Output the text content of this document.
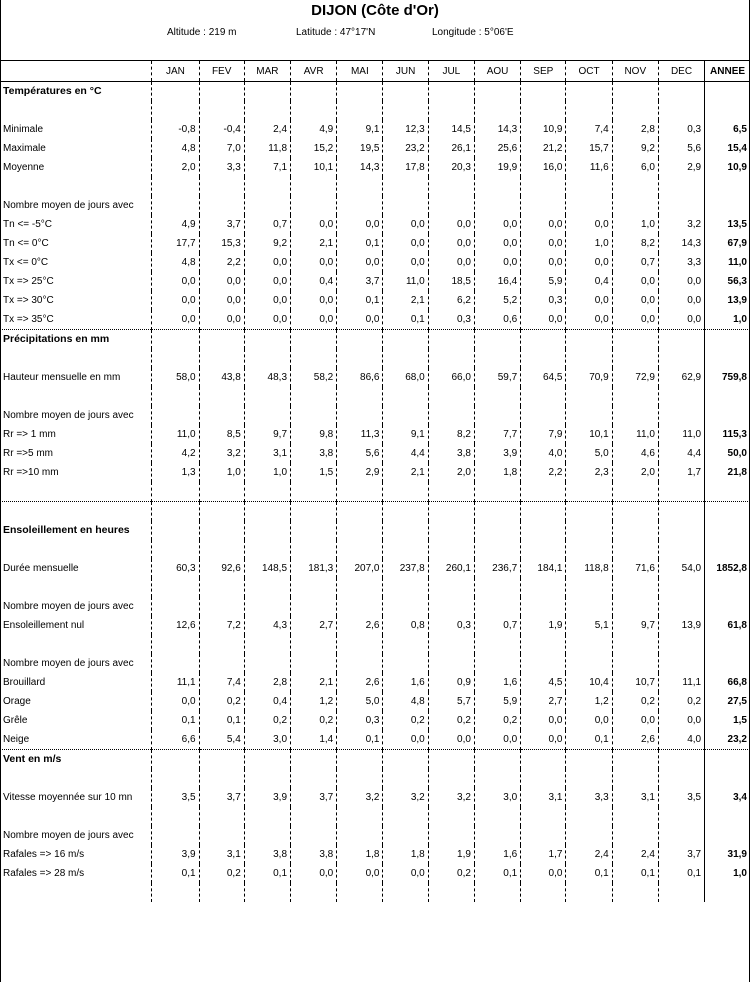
DIJON (Côte d'Or)
Altitude : 219 m	Latitude : 47°17'N	Longitude : 5°06'E
	JAN	FEV	MAR	AVR	MAI	JUN	JUL	AOU	SEP	OCT	NOV	DEC	ANNEE
Températures en °C													

Minimale	-0,8	-0,4	2,4	4,9	9,1	12,3	14,5	14,3	10,9	7,4	2,8	0,3	6,5
Maximale	4,8	7,0	11,8	15,2	19,5	23,2	26,1	25,6	21,2	15,7	9,2	5,6	15,4
Moyenne	2,0	3,3	7,1	10,1	14,3	17,8	20,3	19,9	16,0	11,6	6,0	2,9	10,9

Nombre moyen de jours avec													
Tn <= -5°C	4,9	3,7	0,7	0,0	0,0	0,0	0,0	0,0	0,0	0,0	1,0	3,2	13,5
Tn <= 0°C	17,7	15,3	9,2	2,1	0,1	0,0	0,0	0,0	0,0	1,0	8,2	14,3	67,9
Tx <= 0°C	4,8	2,2	0,0	0,0	0,0	0,0	0,0	0,0	0,0	0,0	0,7	3,3	11,0
Tx => 25°C	0,0	0,0	0,0	0,4	3,7	11,0	18,5	16,4	5,9	0,4	0,0	0,0	56,3
Tx => 30°C	0,0	0,0	0,0	0,0	0,1	2,1	6,2	5,2	0,3	0,0	0,0	0,0	13,9
Tx => 35°C	0,0	0,0	0,0	0,0	0,0	0,1	0,3	0,6	0,0	0,0	0,0	0,0	1,0
Précipitations en mm													

Hauteur mensuelle en mm	58,0	43,8	48,3	58,2	86,6	68,0	66,0	59,7	64,5	70,9	72,9	62,9	759,8

Nombre moyen de jours avec													
Rr => 1 mm	11,0	8,5	9,7	9,8	11,3	9,1	8,2	7,7	7,9	10,1	11,0	11,0	115,3
Rr =>5 mm	4,2	3,2	3,1	3,8	5,6	4,4	3,8	3,9	4,0	5,0	4,6	4,4	50,0
Rr =>10 mm	1,3	1,0	1,0	1,5	2,9	2,1	2,0	1,8	2,2	2,3	2,0	1,7	21,8

Ensoleillement en heures													

Durée mensuelle	60,3	92,6	148,5	181,3	207,0	237,8	260,1	236,7	184,1	118,8	71,6	54,0	1852,8

Nombre moyen de jours avec													
Ensoleillement nul	12,6	7,2	4,3	2,7	2,6	0,8	0,3	0,7	1,9	5,1	9,7	13,9	61,8

Nombre moyen de jours avec													
Brouillard	11,1	7,4	2,8	2,1	2,6	1,6	0,9	1,6	4,5	10,4	10,7	11,1	66,8
Orage	0,0	0,2	0,4	1,2	5,0	4,8	5,7	5,9	2,7	1,2	0,2	0,2	27,5
Grêle	0,1	0,1	0,2	0,2	0,3	0,2	0,2	0,2	0,0	0,0	0,0	0,0	1,5
Neige	6,6	5,4	3,0	1,4	0,1	0,0	0,0	0,0	0,0	0,1	2,6	4,0	23,2
Vent en m/s													

Vitesse moyennée sur 10 mn	3,5	3,7	3,9	3,7	3,2	3,2	3,2	3,0	3,1	3,3	3,1	3,5	3,4

Nombre moyen de jours avec													
Rafales => 16 m/s	3,9	3,1	3,8	3,8	1,8	1,8	1,9	1,6	1,7	2,4	2,4	3,7	31,9
Rafales => 28 m/s	0,1	0,2	0,1	0,0	0,0	0,0	0,2	0,1	0,0	0,1	0,1	0,1	1,0
